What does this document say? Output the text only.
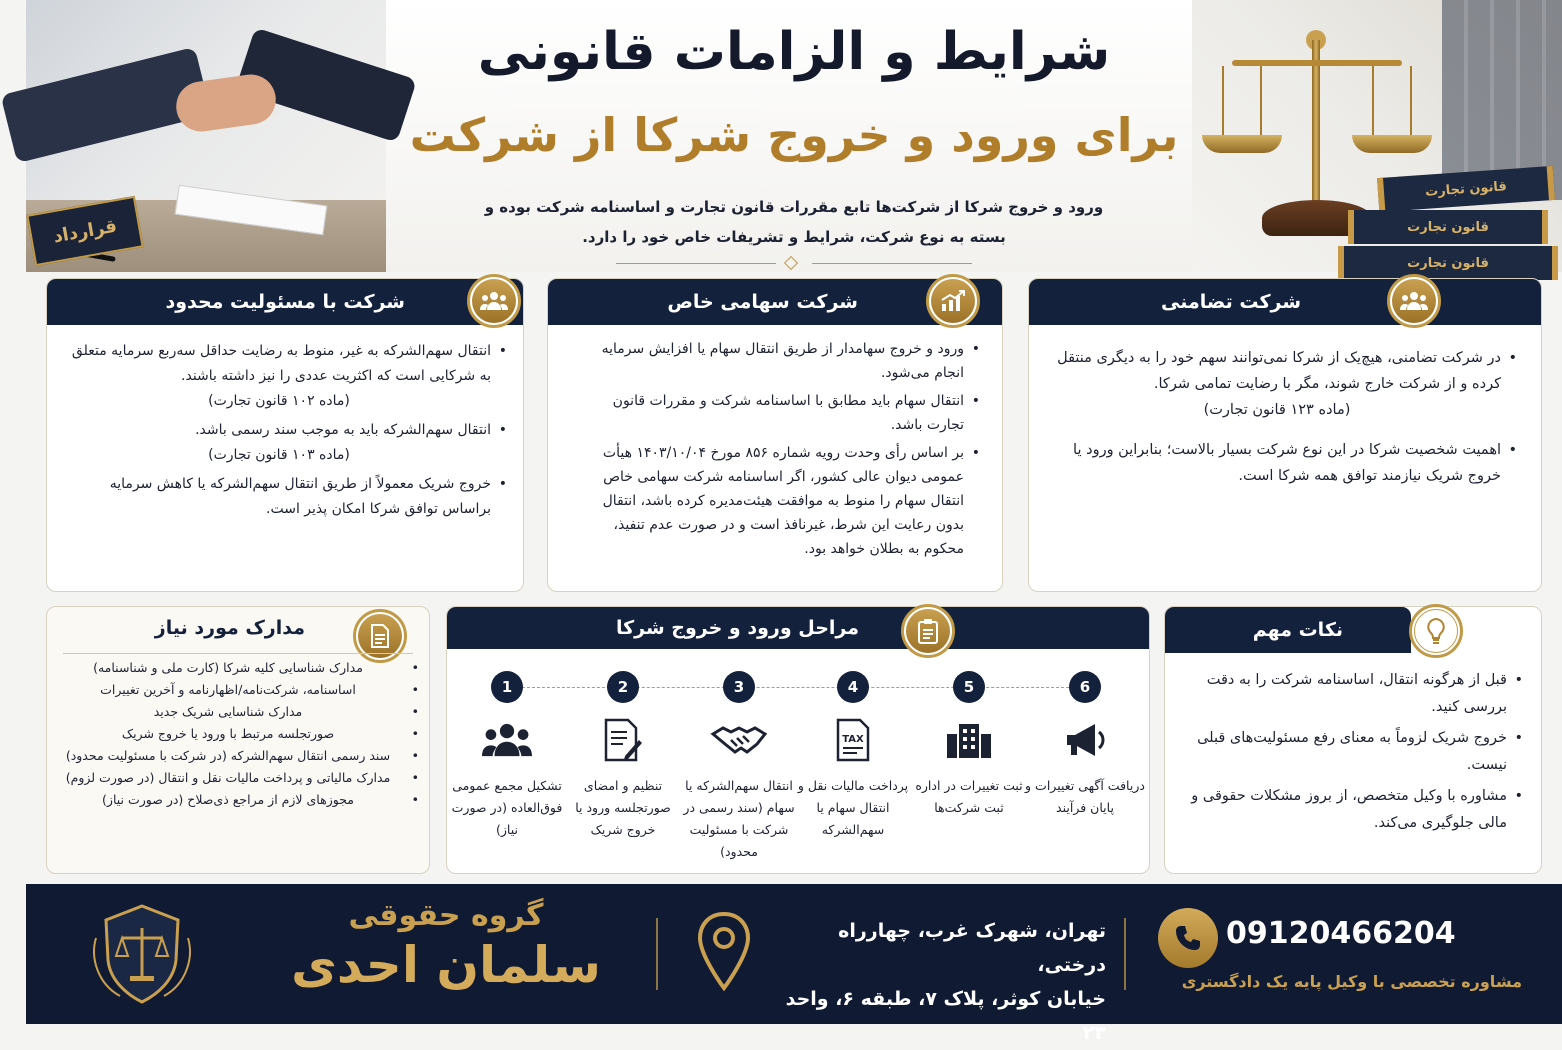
قرارداد
قانون تجارت
قانون تجارت
قانون تجارت
شرایط و الزامات قانونی
برای ورود و خروج شرکا از شرکت
ورود و خروج شرکا از شرکت‌ها تابع مقررات قانون تجارت و اساسنامه شرکت بوده و
بسته به نوع شرکت، شرایط و تشریفات خاص خود را دارد.
شرکت تضامنی
• در شرکت تضامنی، هیچ‌یک از شرکا نمی‌توانند سهم خود را به دیگری منتقل کرده و از شرکت خارج شوند، مگر با رضایت تمامی شرکا.
(ماده ۱۲۳ قانون تجارت)
• اهمیت شخصیت شرکا در این نوع شرکت بسیار بالاست؛ بنابراین ورود یا خروج شریک نیازمند توافق همه شرکا است.
شرکت سهامی خاص
• ورود و خروج سهامدار از طریق انتقال سهام یا افزایش سرمایه انجام می‌شود.
• انتقال سهام باید مطابق با اساسنامه شرکت و مقررات قانون تجارت باشد.
• بر اساس رأی وحدت رویه شماره ۸۵۶ مورخ ۱۴۰۳/۱۰/۰۴ هیأت عمومی دیوان عالی کشور، اگر اساسنامه شرکت سهامی خاص انتقال سهام را منوط به موافقت هیئت‌مدیره کرده باشد، انتقال بدون رعایت این شرط، غیرنافذ است و در صورت عدم تنفیذ، محکوم به بطلان خواهد بود.
شرکت با مسئولیت محدود
• انتقال سهم‌الشرکه به غیر، منوط به رضایت حداقل سه‌ربع سرمایه متعلق به شرکایی است که اکثریت عددی را نیز داشته باشند.
(ماده ۱۰۲ قانون تجارت)
• انتقال سهم‌الشرکه باید به موجب سند رسمی باشد.
(ماده ۱۰۳ قانون تجارت)
• خروج شریک معمولاً از طریق انتقال سهم‌الشرکه یا کاهش سرمایه براساس توافق شرکا امکان پذیر است.
نکات مهم
• قبل از هرگونه انتقال، اساسنامه شرکت را به دقت بررسی کنید.
• خروج شریک لزوماً به معنای رفع مسئولیت‌های قبلی نیست.
• مشاوره با وکیل متخصص، از بروز مشکلات حقوقی و مالی جلوگیری می‌کند.
مراحل ورود و خروج شرکا
6
دریافت آگهی تغییرات و پایان فرآیند
5
ثبت تغییرات در اداره ثبت شرکت‌ها
4
TAX
پرداخت مالیات نقل و انتقال سهام یا سهم‌الشرکه
3
انتقال سهم‌الشرکه یا سهام (سند رسمی در شرکت با مسئولیت محدود)
2
تنظیم و امضای صورتجلسه ورود یا خروج شریک
1
تشکیل مجمع عمومی فوق‌العاده (در صورت نیاز)
مدارک مورد نیاز
• مدارک شناسایی کلیه شرکا (کارت ملی و شناسنامه)
• اساسنامه، شرکت‌نامه/اظهارنامه و آخرین تغییرات
• مدارک شناسایی شریک جدید
• صورتجلسه مرتبط با ورود یا خروج شریک
• سند رسمی انتقال سهم‌الشرکه (در شرکت با مسئولیت محدود)
• مدارک مالیاتی و پرداخت مالیات نقل و انتقال (در صورت لزوم)
• مجوزهای لازم از مراجع ذی‌صلاح (در صورت نیاز)
گروه حقوقی
سلمان احدی
تهران، شهرک غرب، چهارراه درختی،
خیابان کوثر، پلاک ۷، طبقه ۶، واحد ۲۳
09120466204
مشاوره تخصصی با وکیل پایه یک دادگستری
